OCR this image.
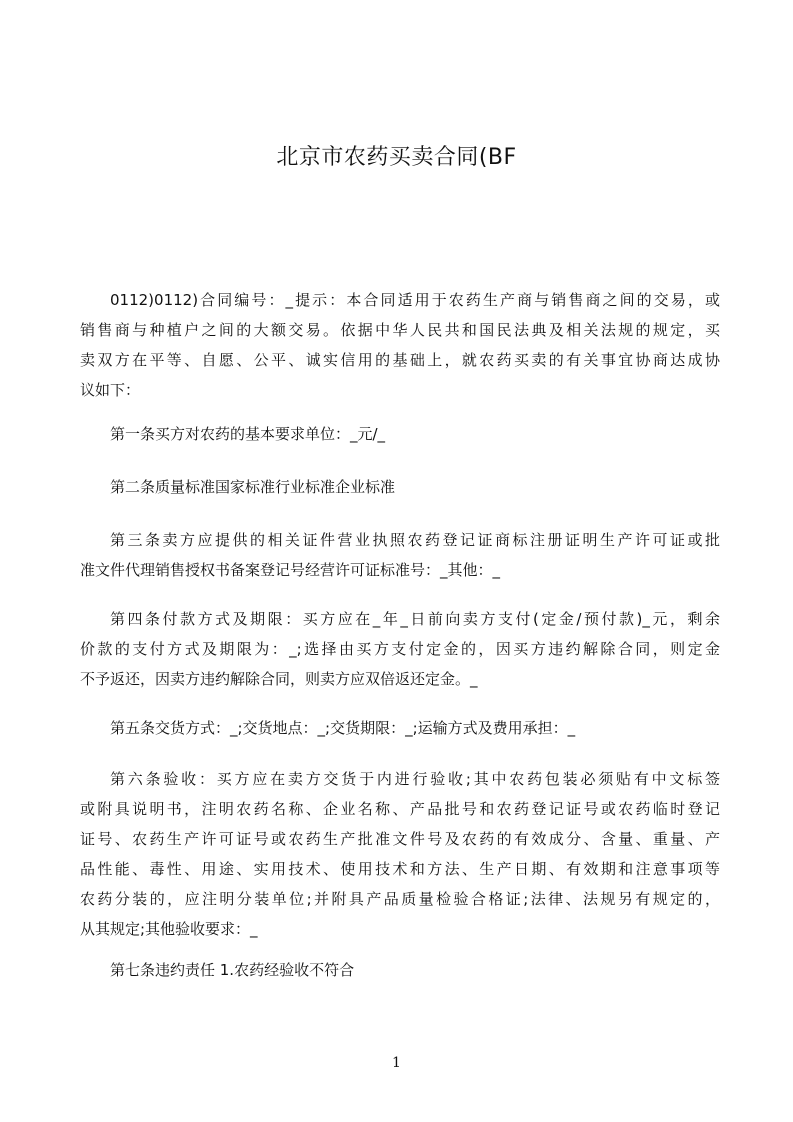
北京市农药买卖合同(BF
0112)0112)合同编号：_提示：本合同适用于农药生产商与销售商之间的交易，或
销售商与种植户之间的大额交易。依据中华人民共和国民法典及相关法规的规定，买
卖双方在平等、自愿、公平、诚实信用的基础上，就农药买卖的有关事宜协商达成协
议如下：
第一条买方对农药的基本要求单位：_元/_
第二条质量标准国家标准行业标准企业标准
第三条卖方应提供的相关证件营业执照农药登记证商标注册证明生产许可证或批
准文件代理销售授权书备案登记号经营许可证标准号：_其他：_
第四条付款方式及期限：买方应在_年_日前向卖方支付(定金/预付款)_元，剩余
价款的支付方式及期限为：_;选择由买方支付定金的，因买方违约解除合同，则定金
不予返还，因卖方违约解除合同，则卖方应双倍返还定金。_
第五条交货方式：_;交货地点：_;交货期限：_;运输方式及费用承担：_
第六条验收：买方应在卖方交货于内进行验收;其中农药包装必须贴有中文标签
或附具说明书，注明农药名称、企业名称、产品批号和农药登记证号或农药临时登记
证号、农药生产许可证号或农药生产批准文件号及农药的有效成分、含量、重量、产
品性能、毒性、用途、实用技术、使用技术和方法、生产日期、有效期和注意事项等
农药分装的，应注明分装单位;并附具产品质量检验合格证;法律、法规另有规定的，
从其规定;其他验收要求：_
第七条违约责任 1.农药经验收不符合
1
